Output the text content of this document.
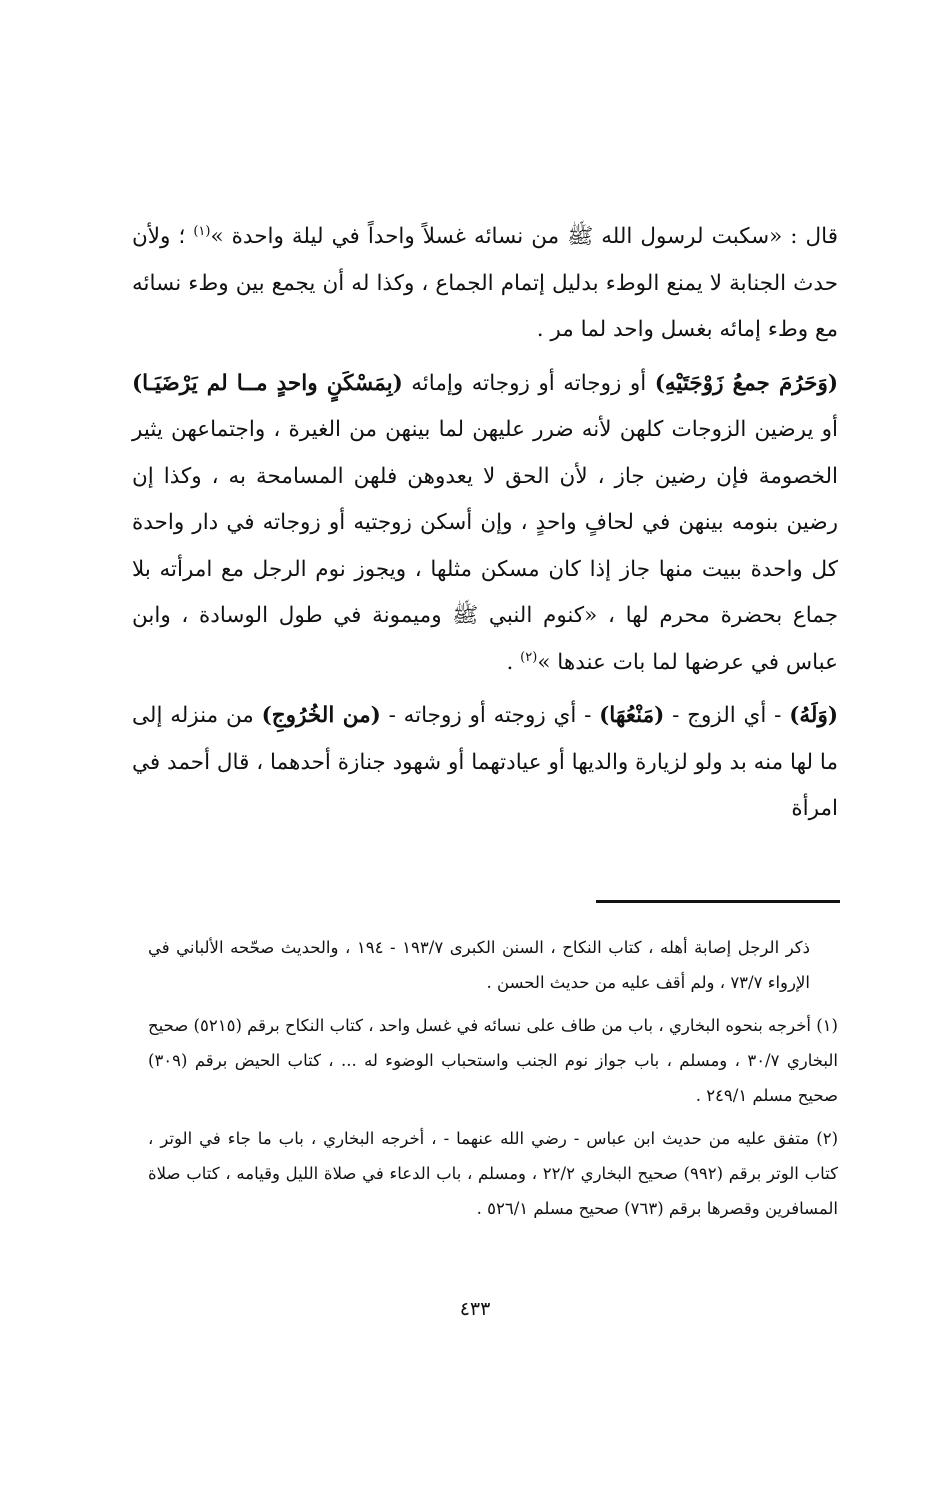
قال : «سكبت لرسول الله ﷺ من نسائه غسلاً واحداً في ليلة واحدة »$^{(١)}$ ؛ ولأن حدث الجنابة لا يمنع الوطء بدليل إتمام الجماع ، وكذا له أن يجمع بين وطء نسائه مع وطء إمائه بغسل واحد لما مر .

(وَحَرُمَ جمعُ زَوْجَتَيْهِ) أو زوجاته أو زوجاته وإمائه (بِمَسْكَنٍ واحدٍ مــا لم يَرْضَيَـا) أو يرضين الزوجات كلهن لأنه ضرر عليهن لما بينهن من الغيرة ، واجتماعهن يثير الخصومة فإن رضين جاز ، لأن الحق لا يعدوهن فلهن المسامحة به ، وكذا إن رضين بنومه بينهن في لحافٍ واحدٍ ، وإن أسكن زوجتيه أو زوجاته في دار واحدة كل واحدة ببيت منها جاز إذا كان مسكن مثلها ، ويجوز نوم الرجل مع امرأته بلا جماع بحضرة محرم لها ، «كنوم النبي ﷺ وميمونة في طول الوسادة ، وابن عباس في عرضها لما بات عندها »$^{(٢)}$ .

(وَلَهُ) - أي الزوج - (مَنْعُهَا) - أي زوجته أو زوجاته - (من الخُرُوجِ) من منزله إلى ما لها منه بد ولو لزيارة والديها أو عيادتهما أو شهود جنازة أحدهما ، قال أحمد في امرأة

ذكر الرجل إصابة أهله ، كتاب النكاح ، السنن الكبرى ١٩٣/٧ - ١٩٤ ، والحديث صحّحه الألباني في الإرواء ٧٣/٧ ، ولم أقف عليه من حديث الحسن .

(١) أخرجه بنحوه البخاري ، باب من طاف على نسائه في غسل واحد ، كتاب النكاح برقم (٥٢١٥) صحيح البخاري ٣٠/٧ ، ومسلم ، باب جواز نوم الجنب واستحباب الوضوء له ... ، كتاب الحيض برقم (٣٠٩) صحيح مسلم ٢٤٩/١ .

(٢) متفق عليه من حديث ابن عباس - رضي الله عنهما - ، أخرجه البخاري ، باب ما جاء في الوتر ، كتاب الوتر برقم (٩٩٢) صحيح البخاري ٢٢/٢ ، ومسلم ، باب الدعاء في صلاة الليل وقيامه ، كتاب صلاة المسافرين وقصرها برقم (٧٦٣) صحيح مسلم ٥٢٦/١ .

٤٣٣
